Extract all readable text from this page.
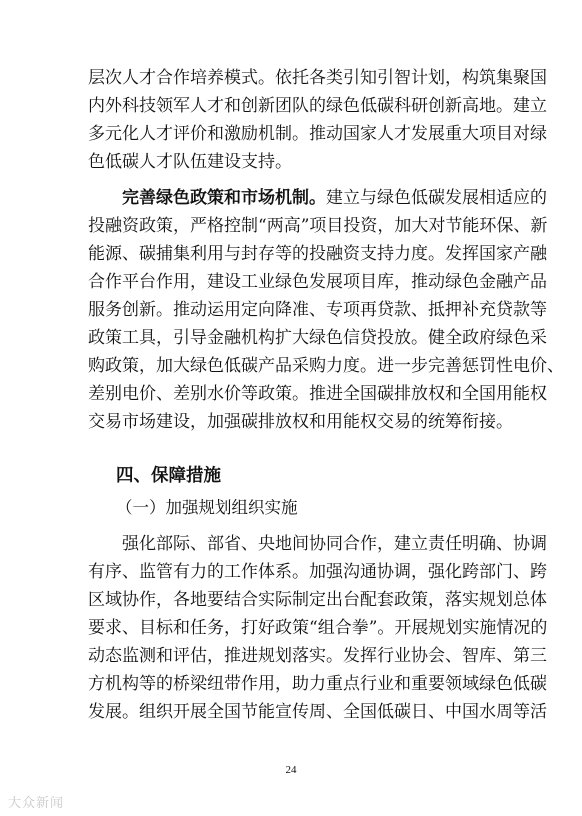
层次人才合作培养模式。依托各类引知引智计划，构筑集聚国
内外科技领军人才和创新团队的绿色低碳科研创新高地。建立
多元化人才评价和激励机制。推动国家人才发展重大项目对绿
色低碳人才队伍建设支持。
完善绿色政策和市场机制。建立与绿色低碳发展相适应的
投融资政策，严格控制“两高”项目投资，加大对节能环保、新
能源、碳捕集利用与封存等的投融资支持力度。发挥国家产融
合作平台作用，建设工业绿色发展项目库，推动绿色金融产品
服务创新。推动运用定向降准、专项再贷款、抵押补充贷款等
政策工具，引导金融机构扩大绿色信贷投放。健全政府绿色采
购政策，加大绿色低碳产品采购力度。进一步完善惩罚性电价、
差别电价、差别水价等政策。推进全国碳排放权和全国用能权
交易市场建设，加强碳排放权和用能权交易的统筹衔接。
四、保障措施
（一）加强规划组织实施
强化部际、部省、央地间协同合作，建立责任明确、协调
有序、监管有力的工作体系。加强沟通协调，强化跨部门、跨
区域协作，各地要结合实际制定出台配套政策，落实规划总体
要求、目标和任务，打好政策“组合拳”。开展规划实施情况的
动态监测和评估，推进规划落实。发挥行业协会、智库、第三
方机构等的桥梁纽带作用，助力重点行业和重要领域绿色低碳
发展。组织开展全国节能宣传周、全国低碳日、中国水周等活
24
大众新闻
